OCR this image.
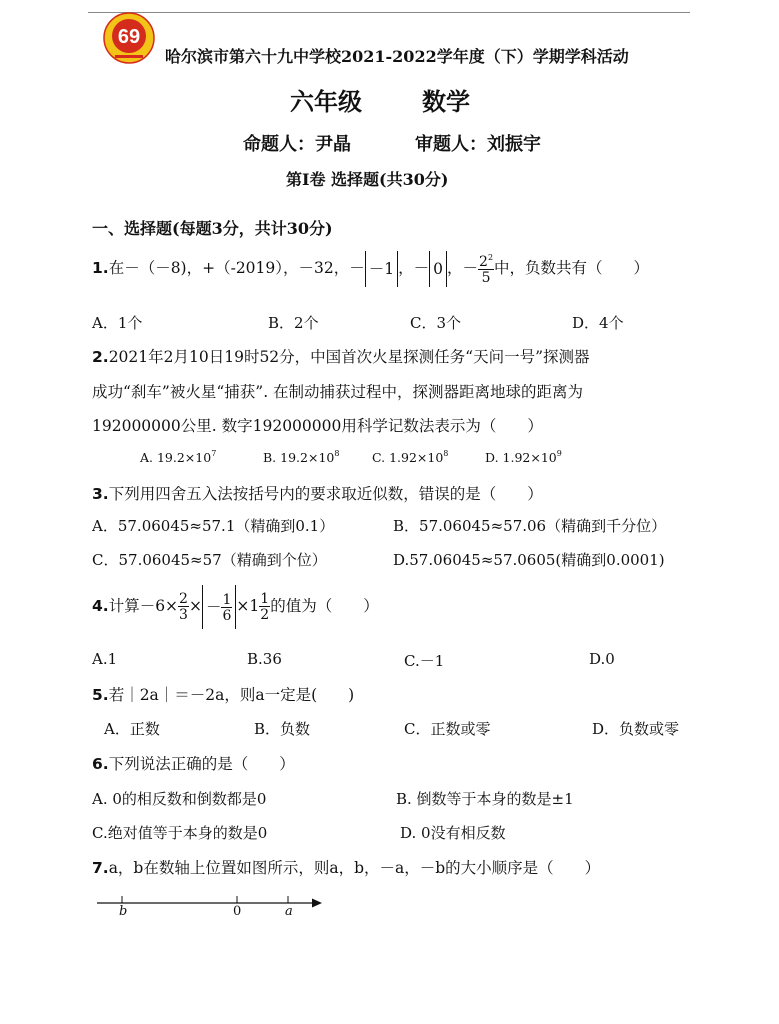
69
哈尔滨市第六十九中学校2021-2022学年度（下）学期学科活动
六年级	数学
命题人：尹晶	审题人：刘振宇
第Ⅰ卷 选择题(共30分)
一、选择题(每题3分，共计30分)
1.在－（－8)，+（-2019），－32，－ －1 ，－ 0 ，－ $\frac{2^2}{5}$ 中，负数共有（　　）
A．1个	B．2个	C．3个	D．4个
2.2021年2月10日19时52分，中国首次火星探测任务“天问一号”探测器
成功“刹车”被火星“捕获”. 在制动捕获过程中，探测器距离地球的距离为
192000000公里. 数字192000000用科学记数法表示为（　　）
A. $19.2\times 10^7$	B. $19.2\times 10^8$	C. $1.92\times 10^8$	D. $1.92\times 10^9$
3.下列用四舍五入法按括号内的要求取近似数，错误的是（　　）
A．57.06045≈57.1（精确到0.1）	B．57.06045≈57.06（精确到千分位）
C．57.06045≈57（精确到个位）	D.57.06045≈57.0605(精确到0.0001)
4.计算$-6\times \frac{2}{3}$ × － $\frac{1}{6} \times 1 \frac{1}{2}$ 的值为（　　）
A.1	B.36	C.－1	D.0
5.若｜2a｜＝－2a，则a一定是(　　)
A．正数	B．负数	C．正数或零	D．负数或零
6.下列说法正确的是（　　）
A. 0的相反数和倒数都是0	B. 倒数等于本身的数是±1
C.绝对值等于本身的数是0	D. 0没有相反数
7.a，b在数轴上位置如图所示，则a，b，－a，－b的大小顺序是（　　）
b	0	a
